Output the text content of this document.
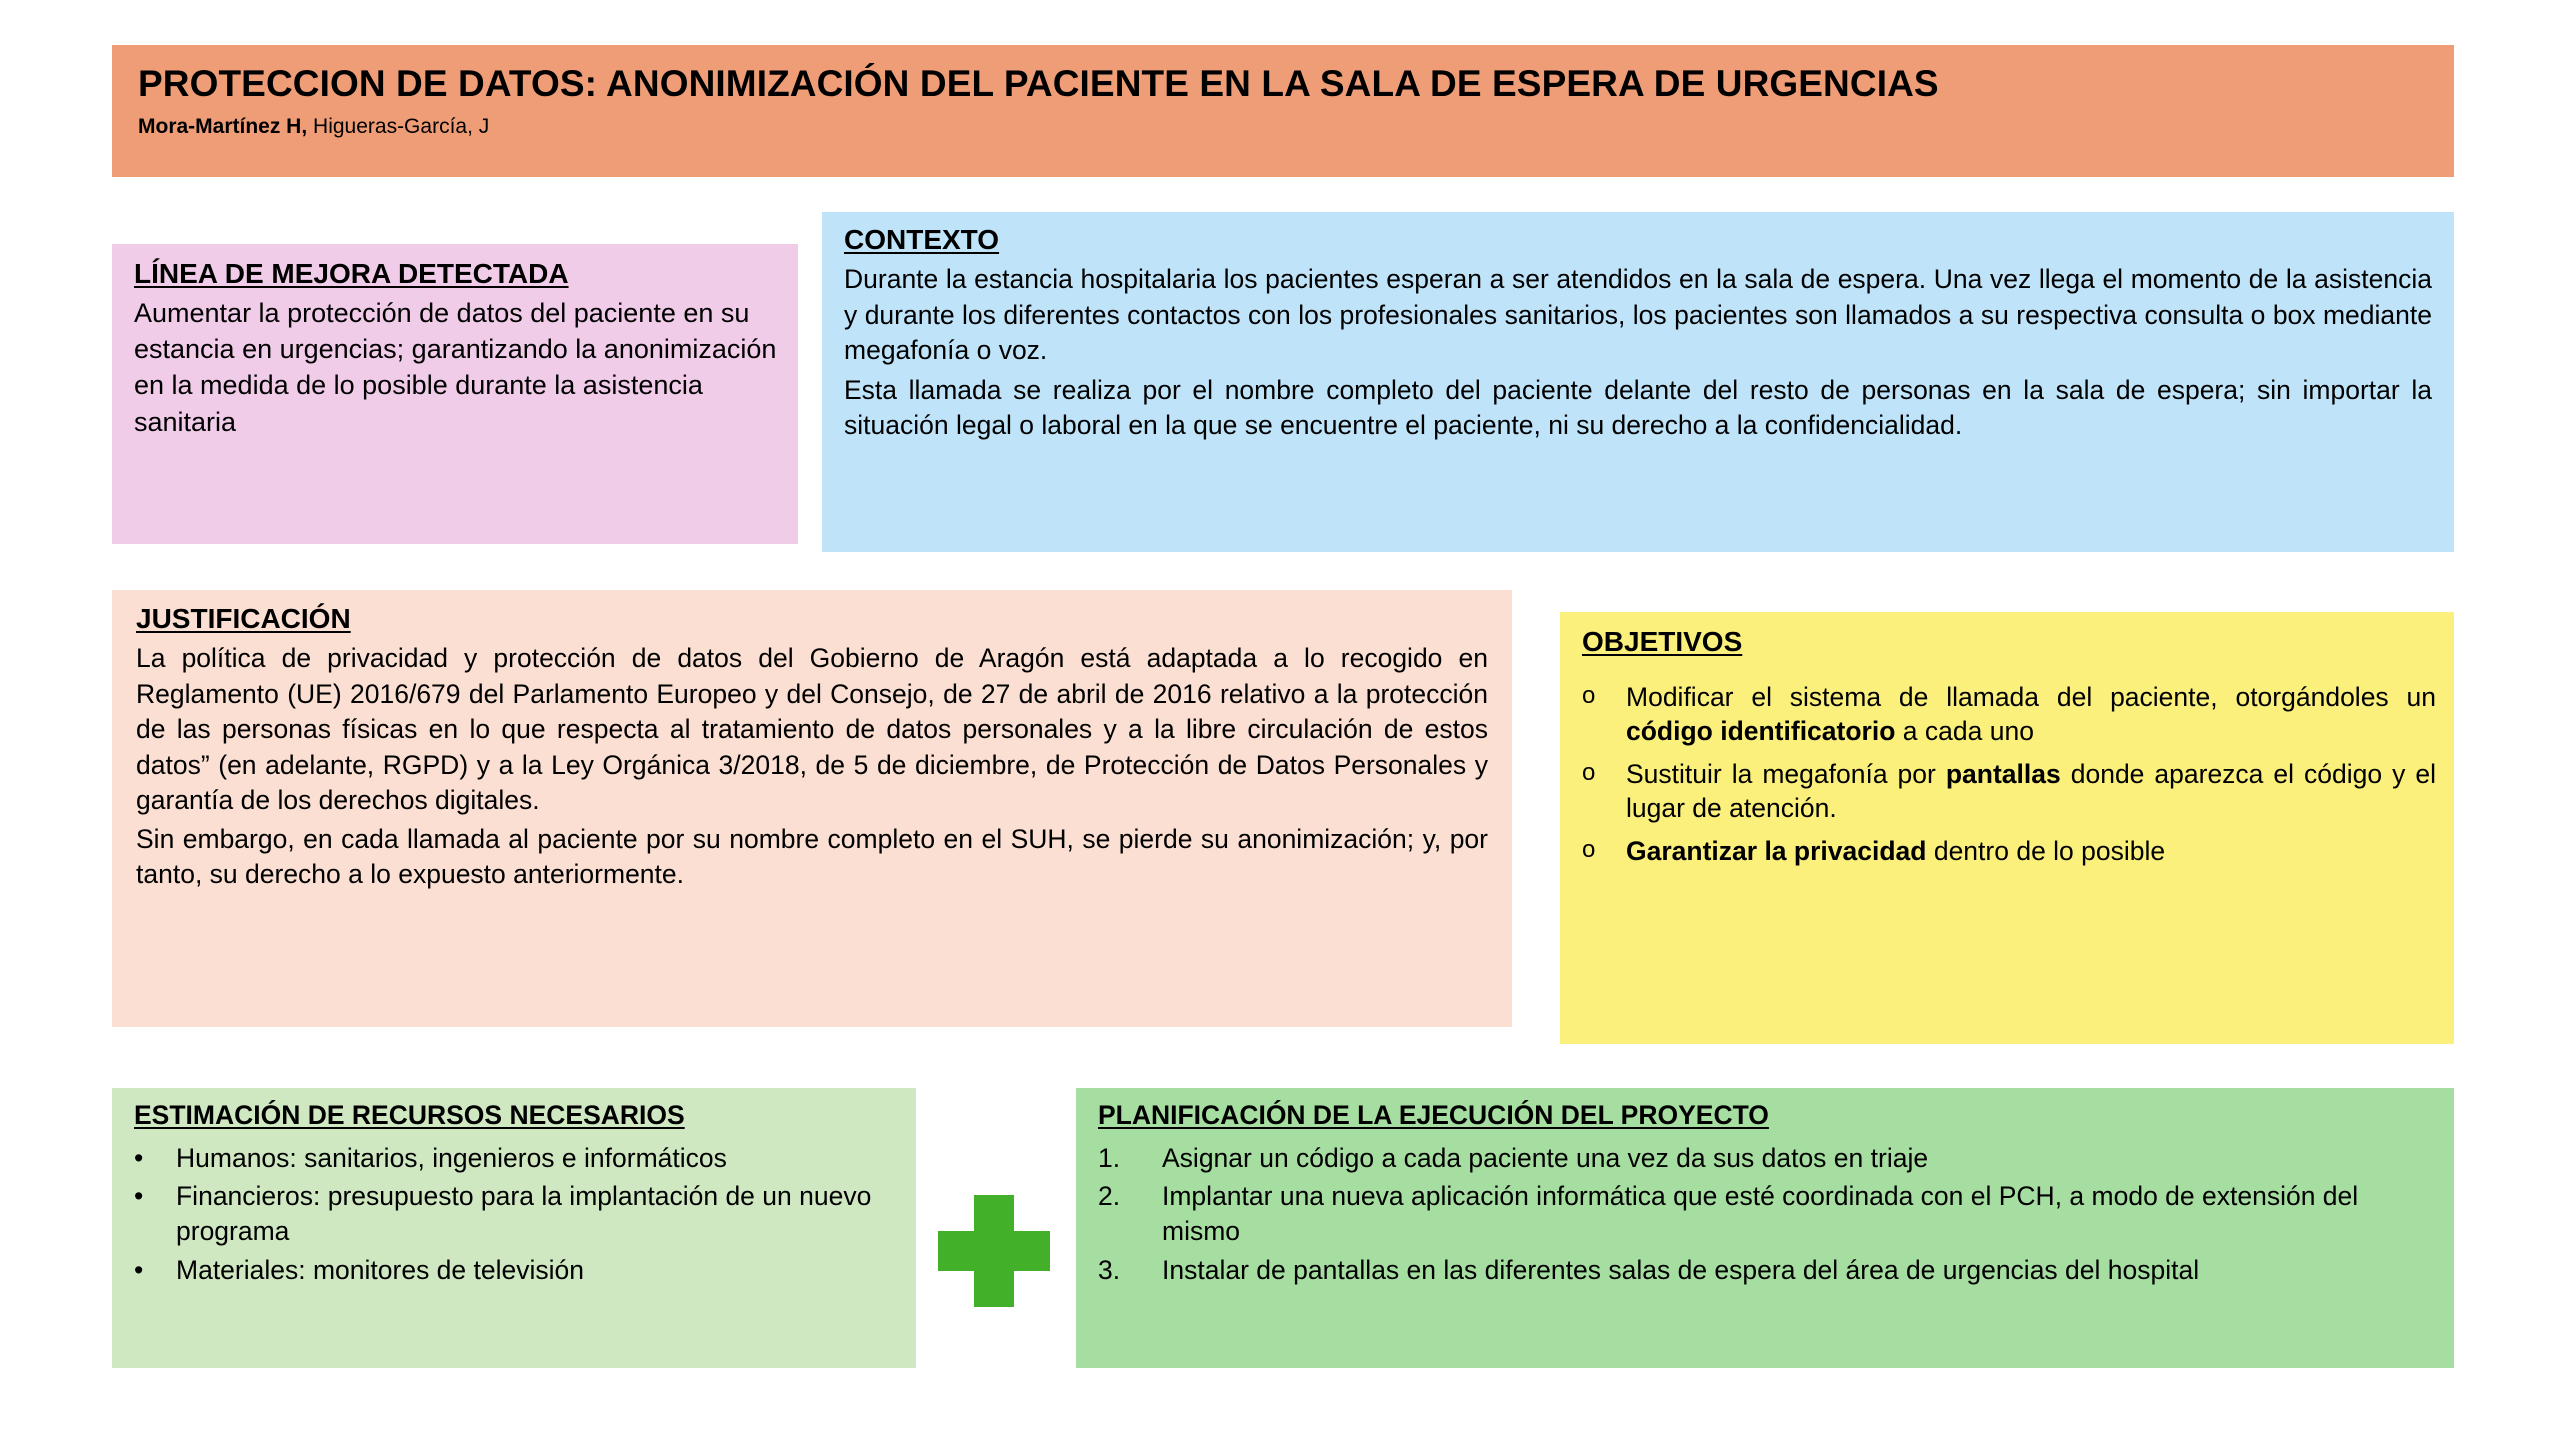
PROTECCION DE DATOS: ANONIMIZACIÓN DEL PACIENTE EN LA SALA DE ESPERA DE URGENCIAS
Mora-Martínez H, Higueras-García, J
LÍNEA DE MEJORA DETECTADA
Aumentar la protección de datos del paciente en su estancia en urgencias; garantizando la anonimización en la medida de lo posible durante la asistencia sanitaria
CONTEXTO

Durante la estancia hospitalaria los pacientes esperan a ser atendidos en la sala de espera. Una vez llega el momento de la asistencia y durante los diferentes contactos con los profesionales sanitarios, los pacientes son llamados a su respectiva consulta o box mediante megafonía o voz.

Esta llamada se realiza por el nombre completo del paciente delante del resto de personas en la sala de espera; sin importar la situación legal o laboral en la que se encuentre el paciente, ni su derecho a la confidencialidad.

JUSTIFICACIÓN

La política de privacidad y protección de datos del Gobierno de Aragón está adaptada a lo recogido en Reglamento (UE) 2016/679 del Parlamento Europeo y del Consejo, de 27 de abril de 2016 relativo a la protección de las personas físicas en lo que respecta al tratamiento de datos personales y a la libre circulación de estos datos” (en adelante, RGPD) y a la Ley Orgánica 3/2018, de 5 de diciembre, de Protección de Datos Personales y garantía de los derechos digitales.

Sin embargo, en cada llamada al paciente por su nombre completo en el SUH, se pierde su anonimización; y, por tanto, su derecho a lo expuesto anteriormente.

OBJETIVOS
o	Modificar el sistema de llamada del paciente, otorgándoles un código identificatorio a cada uno
o	Sustituir la megafonía por pantallas donde aparezca el código y el lugar de atención.
o	Garantizar la privacidad dentro de lo posible
ESTIMACIÓN DE RECURSOS NECESARIOS
•	Humanos: sanitarios, ingenieros e informáticos
•	Financieros: presupuesto para la implantación de un nuevo programa
•	Materiales: monitores de televisión
PLANIFICACIÓN DE LA EJECUCIÓN DEL PROYECTO
1.	Asignar un código a cada paciente una vez da sus datos en triaje
2.	Implantar una nueva aplicación informática que esté coordinada con el PCH, a modo de extensión del mismo
3.	Instalar de pantallas en las diferentes salas de espera del área de urgencias del hospital
